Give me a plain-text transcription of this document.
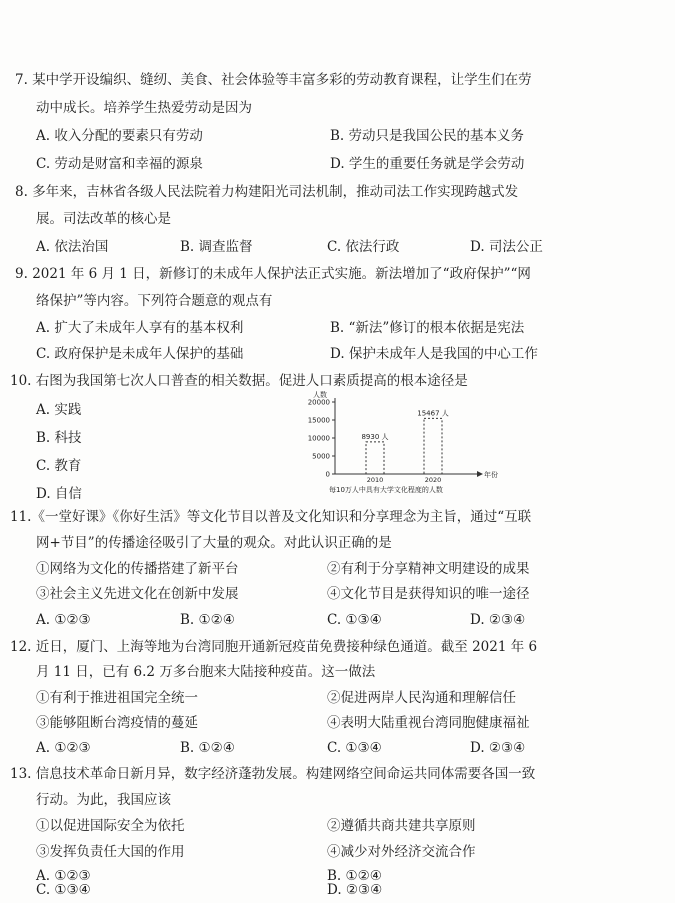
7. 某中学开设编织、缝纫、美食、社会体验等丰富多彩的劳动教育课程，让学生们在劳
动中成长。培养学生热爱劳动是因为
A. 收入分配的要素只有劳动	B. 劳动只是我国公民的基本义务
C. 劳动是财富和幸福的源泉	D. 学生的重要任务就是学会劳动
8. 多年来，吉林省各级人民法院着力构建阳光司法机制，推动司法工作实现跨越式发
展。司法改革的核心是
A. 依法治国	B. 调查监督	C. 依法行政	D. 司法公正
9. 2021 年 6 月 1 日，新修订的未成年人保护法正式实施。新法增加了“政府保护”“网
络保护”等内容。下列符合题意的观点有
A. 扩大了未成年人享有的基本权利	B. “新法”修订的根本依据是宪法
C. 政府保护是未成年人保护的基础	D. 保护未成年人是我国的中心工作
10. 右图为我国第七次人口普查的相关数据。促进人口素质提高的根本途径是
A. 实践
B. 科技
C. 教育
D. 自信
人数
年份
20000
15000
10000
5000
0
8930 人
2010
15467 人
2020
每10万人中具有大学文化程度的人数
11.《一堂好课》《你好生活》等文化节目以普及文化知识和分享理念为主旨，通过“互联
网+节目”的传播途径吸引了大量的观众。对此认识正确的是
①网络为文化的传播搭建了新平台	②有利于分享精神文明建设的成果
③社会主义先进文化在创新中发展	④文化节目是获得知识的唯一途径
A. ①②③	B. ①②④	C. ①③④	D. ②③④
12. 近日，厦门、上海等地为台湾同胞开通新冠疫苗免费接种绿色通道。截至 2021 年 6
月 11 日，已有 6.2 万多台胞来大陆接种疫苗。这一做法
①有利于推进祖国完全统一	②促进两岸人民沟通和理解信任
③能够阻断台湾疫情的蔓延	④表明大陆重视台湾同胞健康福祉
A. ①②③	B. ①②④	C. ①③④	D. ②③④
13. 信息技术革命日新月异，数字经济蓬勃发展。构建网络空间命运共同体需要各国一致
行动。为此，我国应该
①以促进国际安全为依托	②遵循共商共建共享原则
③发挥负责任大国的作用	④减少对外经济交流合作
A. ①②③	B. ①②④
C. ①③④	D. ②③④
